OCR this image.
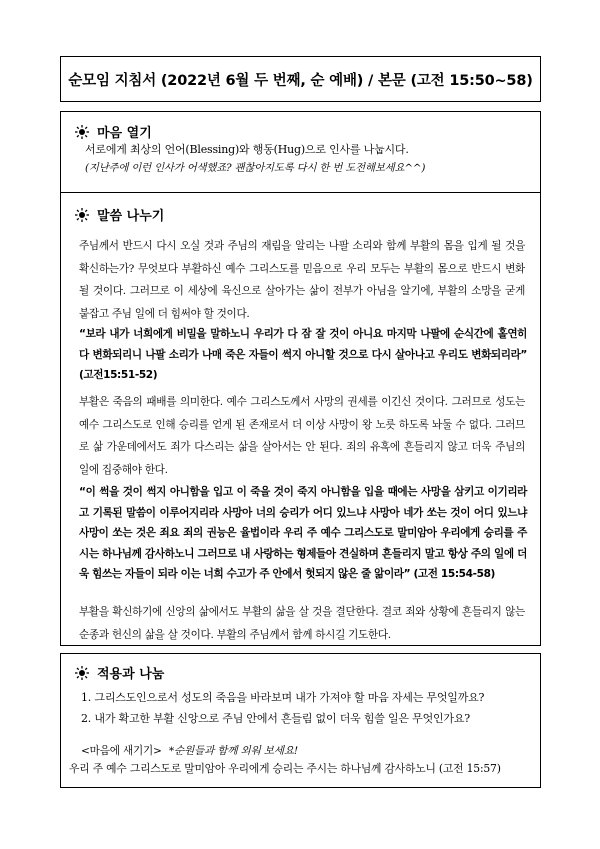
순모임 지침서 (2022년 6월 두 번째, 순 예배) / 본문 (고전 15:50~58)
마음 열기
서로에게 최상의 언어(Blessing)와 행동(Hug)으로 인사를 나눕시다.
(지난주에 이런 인사가 어색했죠? 괜찮아지도록 다시 한 번 도전해보세요^^)
말씀 나누기
주님께서 반드시 다시 오실 것과 주님의 재림을 알리는 나팔 소리와 함께 부활의 몸을 입게 될 것을 확신하는가? 무엇보다 부활하신 예수 그리스도를 믿음으로 우리 모두는 부활의 몸으로 반드시 변화될 것이다. 그러므로 이 세상에 육신으로 살아가는 삶이 전부가 아님을 알기에, 부활의 소망을 굳게 붙잡고 주님 일에 더 힘써야 할 것이다.
“보라 내가 너희에게 비밀을 말하노니 우리가 다 잠 잘 것이 아니요 마지막 나팔에 순식간에 홀연히 다 변화되리니 나팔 소리가 나매 죽은 자들이 썩지 아니할 것으로 다시 살아나고 우리도 변화되리라” (고전15:51-52)
부활은 죽음의 패배를 의미한다. 예수 그리스도께서 사망의 권세를 이긴신 것이다. 그러므로 성도는 예수 그리스도로 인해 승리를 얻게 된 존재로서 더 이상 사망이 왕 노릇 하도록 놔둘 수 없다. 그러므로 삶 가운데에서도 죄가 다스리는 삶을 살아서는 안 된다. 죄의 유혹에 흔들리지 않고 더욱 주님의 일에 집중해야 한다.
“이 썩을 것이 썩지 아니함을 입고 이 죽을 것이 죽지 아니함을 입을 때에는 사망을 삼키고 이기리라고 기록된 말씀이 이루어지리라 사망아 너의 승리가 어디 있느냐 사망아 네가 쏘는 것이 어디 있느냐 사망이 쏘는 것은 죄요 죄의 권능은 율법이라 우리 주 예수 그리스도로 말미암아 우리에게 승리를 주시는 하나님께 감사하노니 그러므로 내 사랑하는 형제들아 견실하며 흔들리지 말고 항상 주의 일에 더욱 힘쓰는 자들이 되라 이는 너희 수고가 주 안에서 헛되지 않은 줄 앎이라” (고전 15:54-58)
부활을 확신하기에 신앙의 삶에서도 부활의 삶을 살 것을 결단한다. 결코 죄와 상황에 흔들리지 않는 순종과 헌신의 삶을 살 것이다. 부활의 주님께서 함께 하시길 기도한다.
적용과 나눔
1. 그리스도인으로서 성도의 죽음을 바라보며 내가 가져야 할 마음 자세는 무엇일까요?
2. 내가 확고한 부활 신앙으로 주님 안에서 흔들림 없이 더욱 힘쓸 일은 무엇인가요?
<마음에 새기기> *순원들과 함께 외워 보세요!
우리 주 예수 그리스도로 말미암아 우리에게 승리는 주시는 하나님께 감사하노니 (고전 15:57)
